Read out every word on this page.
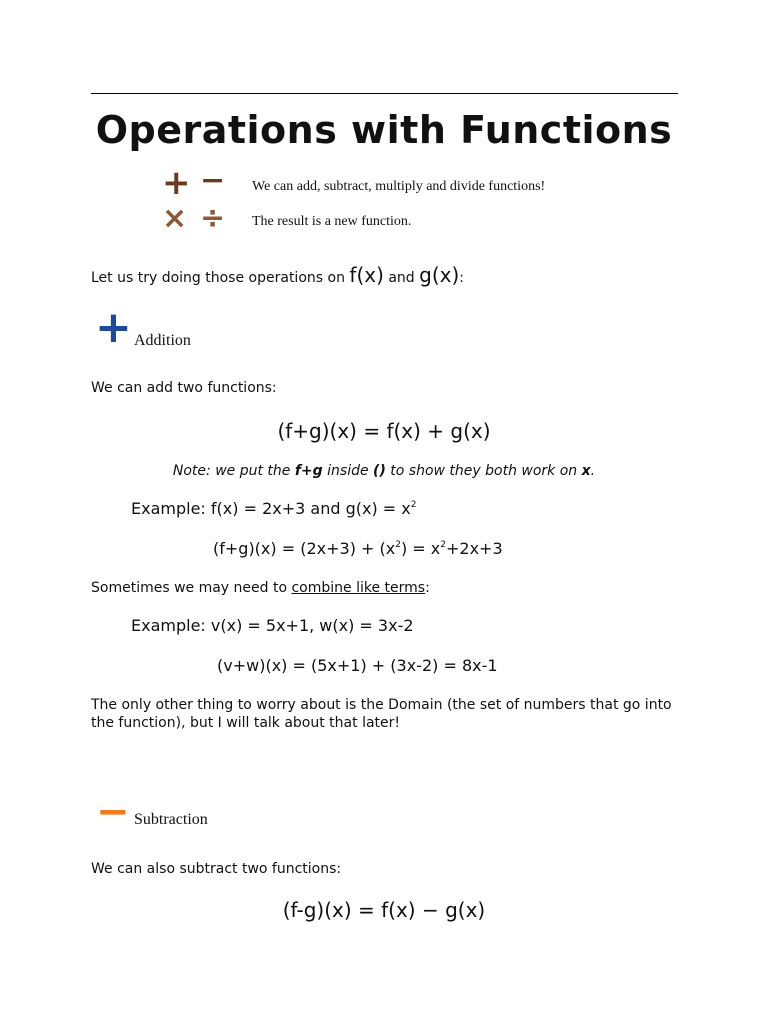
Operations with Functions
+ −
× ÷
We can add, subtract, multiply and divide functions!
The result is a new function.
Let us try doing those operations on f(x) and g(x):
+ Addition
We can add two functions:
(f+g)(x) = f(x) + g(x)
Note: we put the f+g inside () to show they both work on x.
Example: f(x) = 2x+3 and $g(x) = x^2$
$(f+g)(x) = (2x+3) + (x^2) = x^2+2x+3$
Sometimes we may need to combine like terms:
Example: v(x) = 5x+1, w(x) = 3x-2
(v+w)(x) = (5x+1) + (3x-2) = 8x-1
The only other thing to worry about is the Domain (the set of numbers that go into the function), but I will talk about that later!
− Subtraction
We can also subtract two functions:
(f-g)(x) = f(x) − g(x)
